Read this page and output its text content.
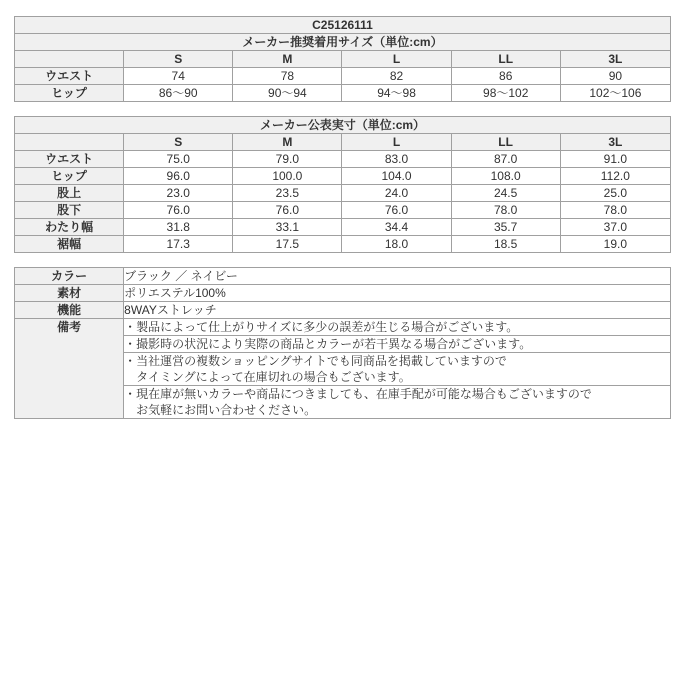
C25126111					
メーカー推奨着用サイズ（単位:cm）					
	S	M	L	LL	3L
ウエスト	74	78	82	86	90
ヒップ	86～90	90～94	94～98	98～102	102～106
メーカー公表実寸（単位:cm）					
	S	M	L	LL	3L
ウエスト	75.0	79.0	83.0	87.0	91.0
ヒップ	96.0	100.0	104.0	108.0	112.0
股上	23.0	23.5	24.0	24.5	25.0
股下	76.0	76.0	76.0	78.0	78.0
わたり幅	31.8	33.1	34.4	35.7	37.0
裾幅	17.3	17.5	18.0	18.5	19.0
カラー	ブラック ／ ネイビー
素材	ポリエステル100%
機能	8WAYストレッチ
備考	・製品によって仕上がりサイズに多少の誤差が生じる場合がございます。

	・撮影時の状況により実際の商品とカラーが若干異なる場合がございます。

	・当社運営の複数ショッピングサイトでも同商品を掲載していますので
タイミングによって在庫切れの場合もございます。

	・現在庫が無いカラーや商品につきましても、在庫手配が可能な場合もございますので
お気軽にお問い合わせください。
